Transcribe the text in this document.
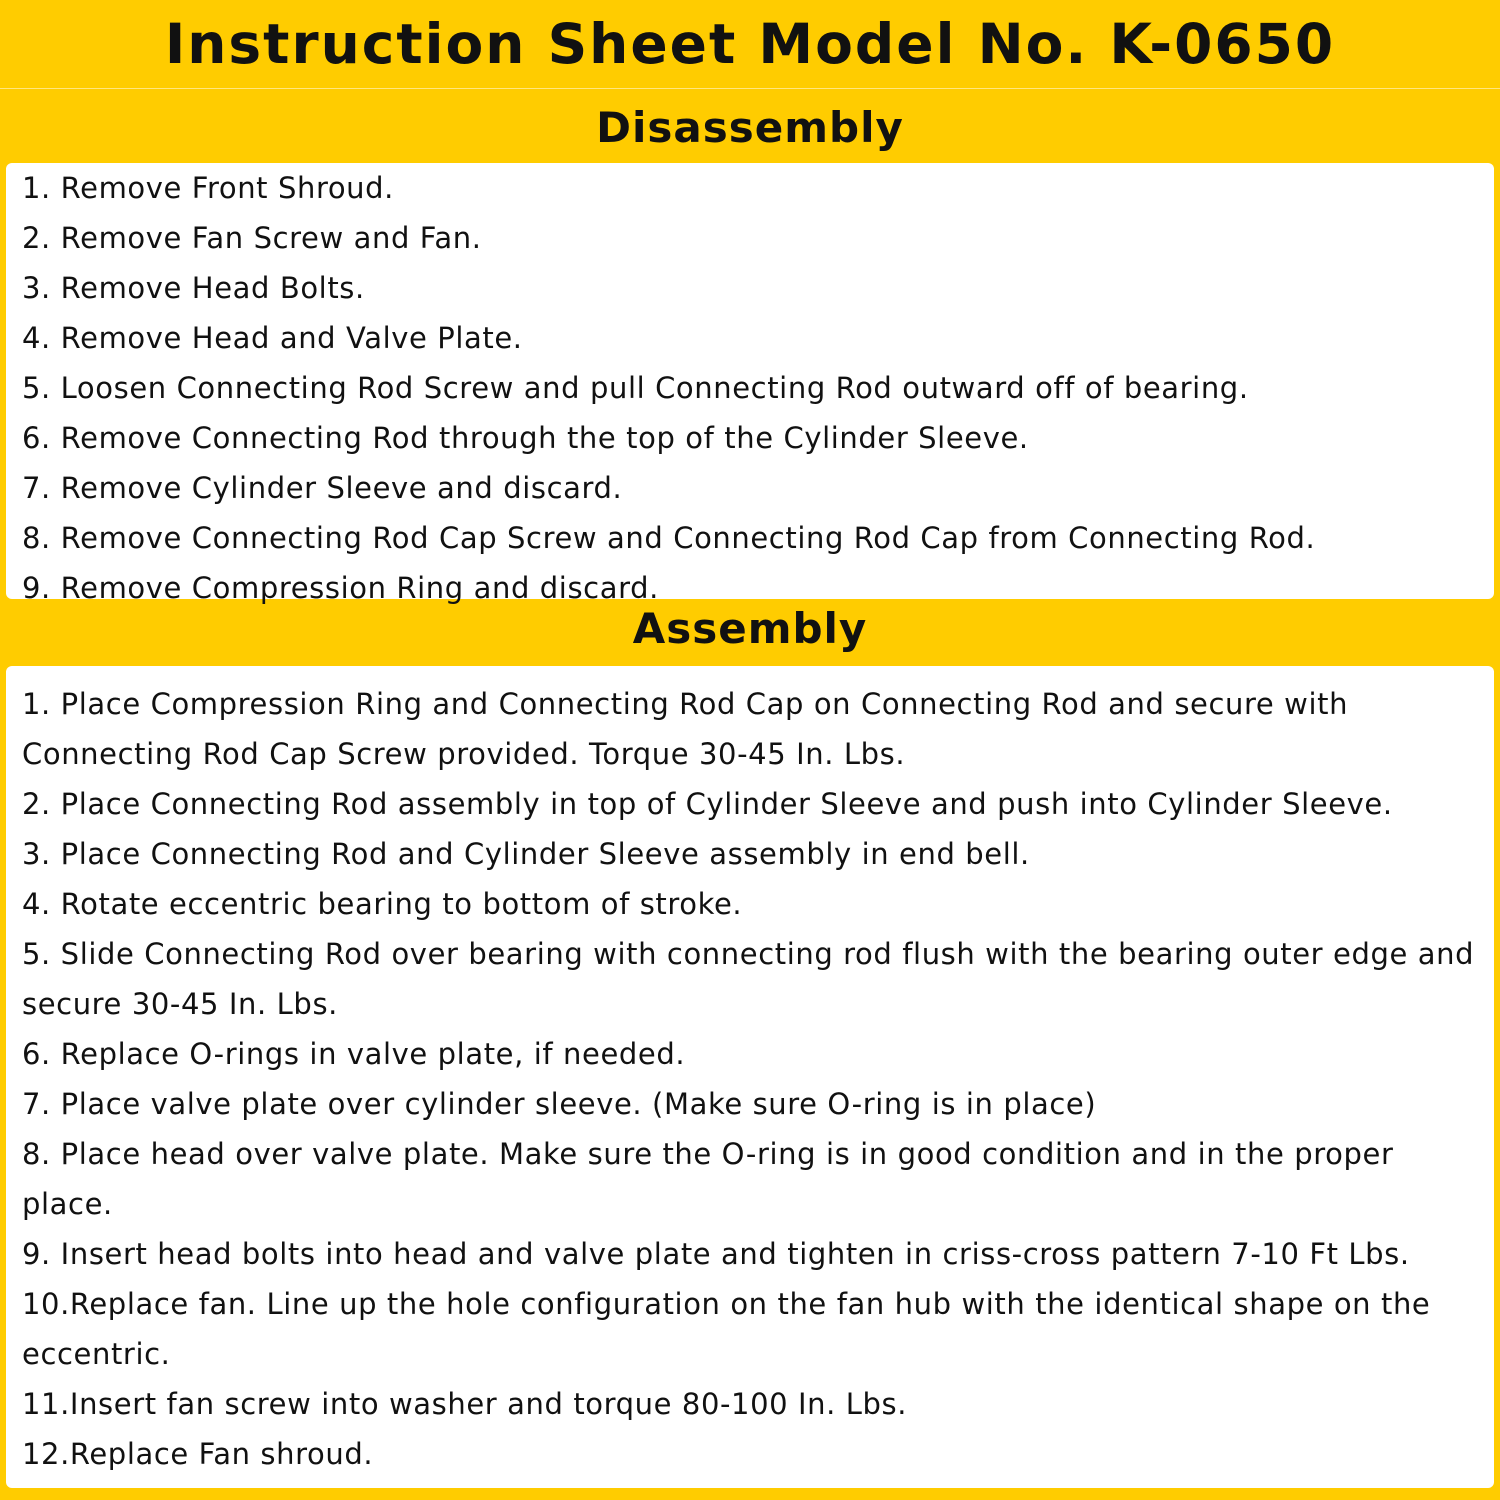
Instruction Sheet Model No. K-0650
Disassembly
1. Remove Front Shroud.
2. Remove Fan Screw and Fan.
3. Remove Head Bolts.
4. Remove Head and Valve Plate.
5. Loosen Connecting Rod Screw and pull Connecting Rod outward off of bearing.
6. Remove Connecting Rod through the top of the Cylinder Sleeve.
7. Remove Cylinder Sleeve and discard.
8. Remove Connecting Rod Cap Screw and Connecting Rod Cap from Connecting Rod.
9. Remove Compression Ring and discard.
Assembly
1. Place Compression Ring and Connecting Rod Cap on Connecting Rod and secure with Connecting Rod Cap Screw provided. Torque 30-45 In. Lbs.
2. Place Connecting Rod assembly in top of Cylinder Sleeve and push into Cylinder Sleeve.
3. Place Connecting Rod and Cylinder Sleeve assembly in end bell.
4. Rotate eccentric bearing to bottom of stroke.
5. Slide Connecting Rod over bearing with connecting rod flush with the bearing outer edge and secure 30-45 In. Lbs.
6. Replace O-rings in valve plate, if needed.
7. Place valve plate over cylinder sleeve. (Make sure O-ring is in place)
8. Place head over valve plate. Make sure the O-ring is in good condition and in the proper place.
9. Insert head bolts into head and valve plate and tighten in criss-cross pattern 7-10 Ft Lbs.
10.Replace fan. Line up the hole configuration on the fan hub with the identical shape on the eccentric.
11.Insert fan screw into washer and torque 80-100 In. Lbs.
12.Replace Fan shroud.
